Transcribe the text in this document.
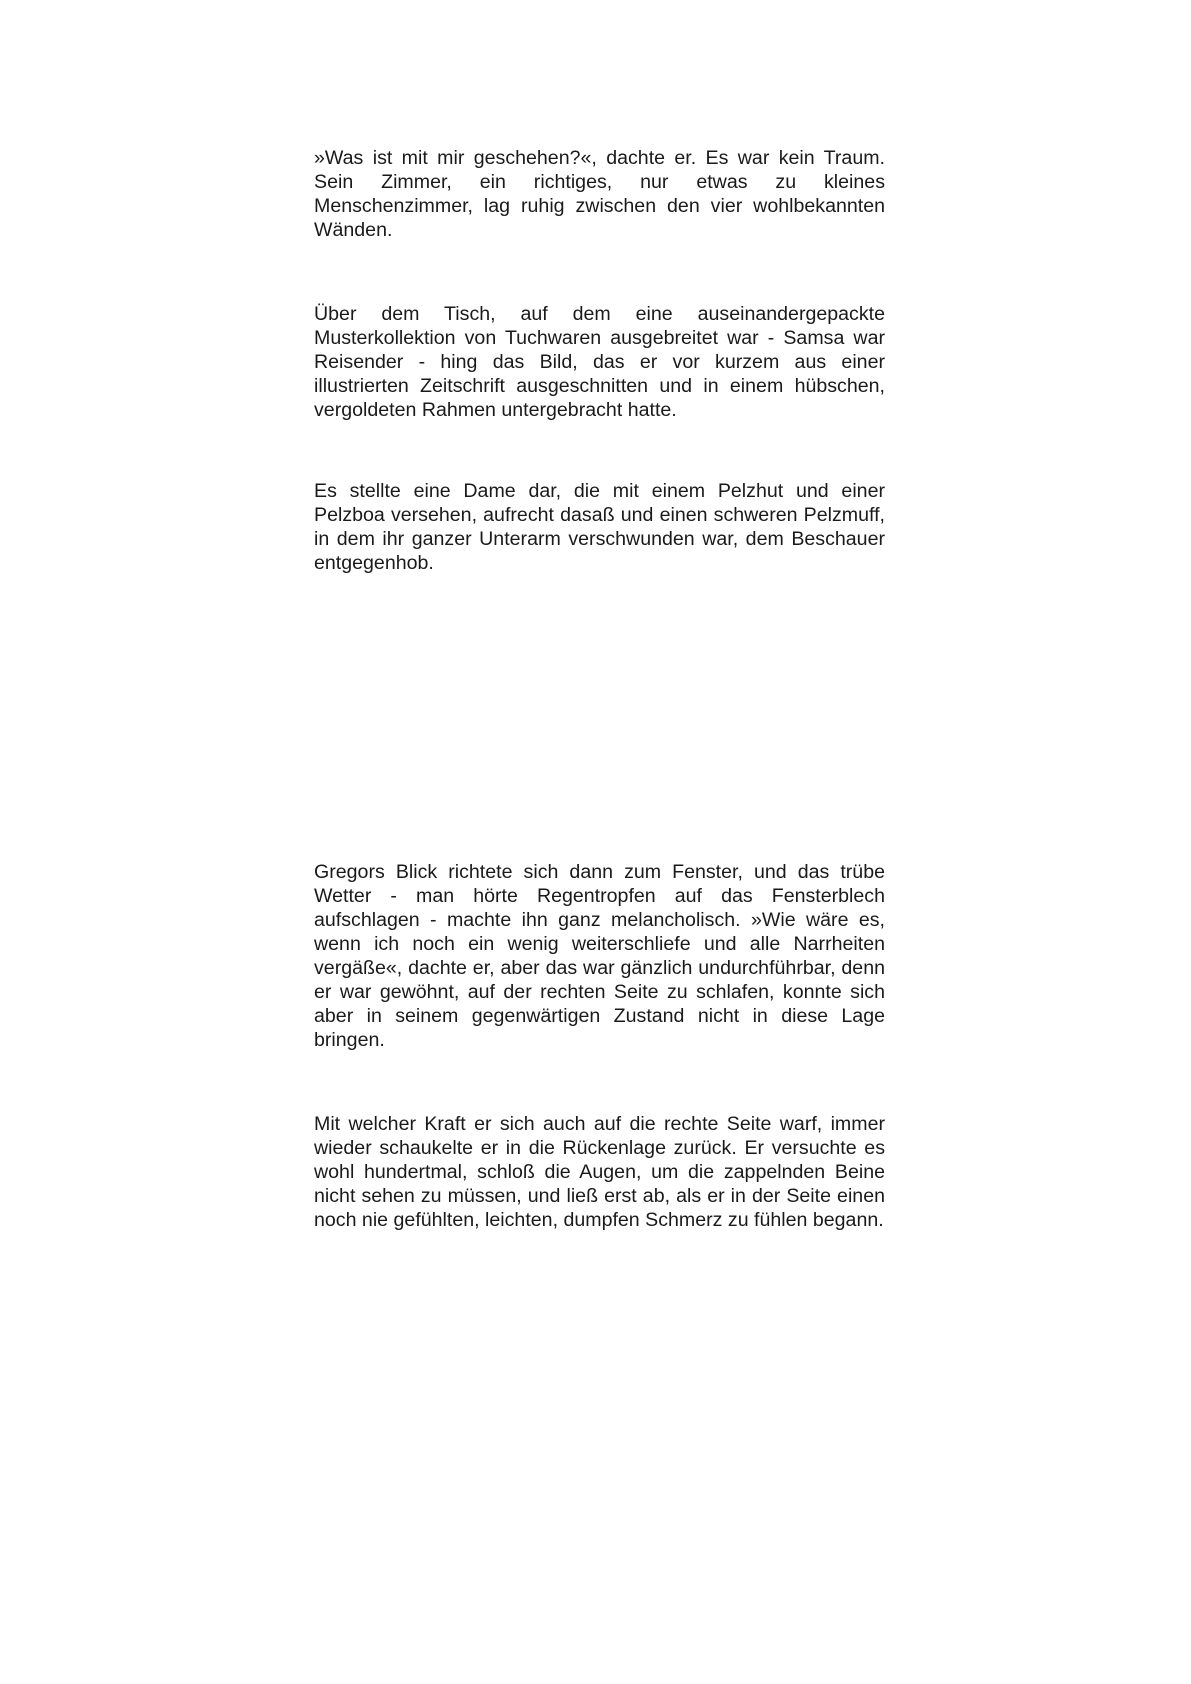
»Was ist mit mir geschehen?«, dachte er. Es war kein Traum. Sein Zimmer, ein richtiges, nur etwas zu kleines Menschenzimmer, lag ruhig zwischen den vier wohlbekannten Wänden.

Über dem Tisch, auf dem eine auseinandergepackte Musterkollektion von Tuchwaren ausgebreitet war - Samsa war Reisender - hing das Bild, das er vor kurzem aus einer illustrierten Zeitschrift ausgeschnitten und in einem hübschen, vergoldeten Rahmen untergebracht hatte.

Es stellte eine Dame dar, die mit einem Pelzhut und einer Pelzboa versehen, aufrecht dasaß und einen schweren Pelzmuff, in dem ihr ganzer Unterarm verschwunden war, dem Beschauer entgegenhob.

Gregors Blick richtete sich dann zum Fenster, und das trübe Wetter - man hörte Regentropfen auf das Fensterblech aufschlagen - machte ihn ganz melancholisch. »Wie wäre es, wenn ich noch ein wenig weiterschliefe und alle Narrheiten vergäße«, dachte er, aber das war gänzlich undurchführbar, denn er war gewöhnt, auf der rechten Seite zu schlafen, konnte sich aber in seinem gegenwärtigen Zustand nicht in diese Lage bringen.

Mit welcher Kraft er sich auch auf die rechte Seite warf, immer wieder schaukelte er in die Rückenlage zurück. Er versuchte es wohl hundertmal, schloß die Augen, um die zappelnden Beine nicht sehen zu müssen, und ließ erst ab, als er in der Seite einen noch nie gefühlten, leichten, dumpfen Schmerz zu fühlen begann.
